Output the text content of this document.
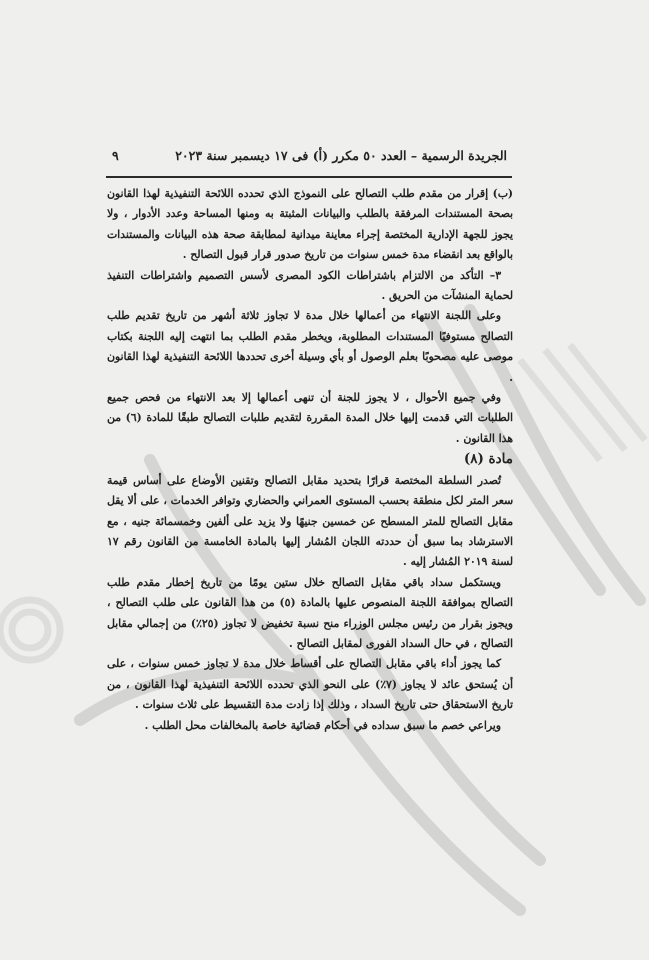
٩	الجريدة الرسمية – العدد ٥٠ مكرر (أ) فى ١٧ ديسمبر سنة ٢٠٢٣

(ب) إقرار من مقدم طلب التصالح على النموذج الذي تحدده اللائحة التنفيذية لهذا القانون بصحة المستندات المرفقة بالطلب والبيانات المثبتة به ومنها المساحة وعدد الأدوار ، ولا يجوز للجهة الإدارية المختصة إجراء معاينة ميدانية لمطابقة صحة هذه البيانات والمستندات بالواقع بعد انقضاء مدة خمس سنوات من تاريخ صدور قرار قبول التصالح .

٣– التأكد من الالتزام باشتراطات الكود المصرى لأسس التصميم واشتراطات التنفيذ لحماية المنشآت من الحريق .

وعلى اللجنة الانتهاء من أعمالها خلال مدة لا تجاوز ثلاثة أشهر من تاريخ تقديم طلب التصالح مستوفيًا المستندات المطلوبة، ويخطر مقدم الطلب بما انتهت إليه اللجنة بكتاب موصى عليه مصحوبًا بعلم الوصول أو بأي وسيلة أخرى تحددها اللائحة التنفيذية لهذا القانون .

وفي جميع الأحوال ، لا يجوز للجنة أن تنهى أعمالها إلا بعد الانتهاء من فحص جميع الطلبات التي قدمت إليها خلال المدة المقررة لتقديم طلبات التصالح طبقًا للمادة (٦) من هذا القانون .

مادة (٨)

تُصدر السلطة المختصة قرارًا بتحديد مقابل التصالح وتقنين الأوضاع على أساس قيمة سعر المتر لكل منطقة بحسب المستوى العمراني والحضاري وتوافر الخدمات ، على ألا يقل مقابل التصالح للمتر المسطح عن خمسين جنيهًا ولا يزيد على ألفين وخمسمائة جنيه ، مع الاسترشاد بما سبق أن حددته اللجان المُشار إليها بالمادة الخامسة من القانون رقم ١٧ لسنة ٢٠١٩ المُشار إليه .

ويستكمل سداد باقي مقابل التصالح خلال ستين يومًا من تاريخ إخطار مقدم طلب التصالح بموافقة اللجنة المنصوص عليها بالمادة (٥) من هذا القانون على طلب التصالح ، ويجوز بقرار من رئيس مجلس الوزراء منح نسبة تخفيض لا تجاوز (٢٥٪) من إجمالي مقابل التصالح ، في حال السداد الفورى لمقابل التصالح .

كما يجوز أداء باقي مقابل التصالح على أقساط خلال مدة لا تجاوز خمس سنوات ، على أن يُستحق عائد لا يجاوز (٧٪) على النحو الذي تحدده اللائحة التنفيذية لهذا القانون ، من تاريخ الاستحقاق حتى تاريخ السداد ، وذلك إذا زادت مدة التقسيط على ثلاث سنوات .

ويراعي خصم ما سبق سداده في أحكام قضائية خاصة بالمخالفات محل الطلب .
